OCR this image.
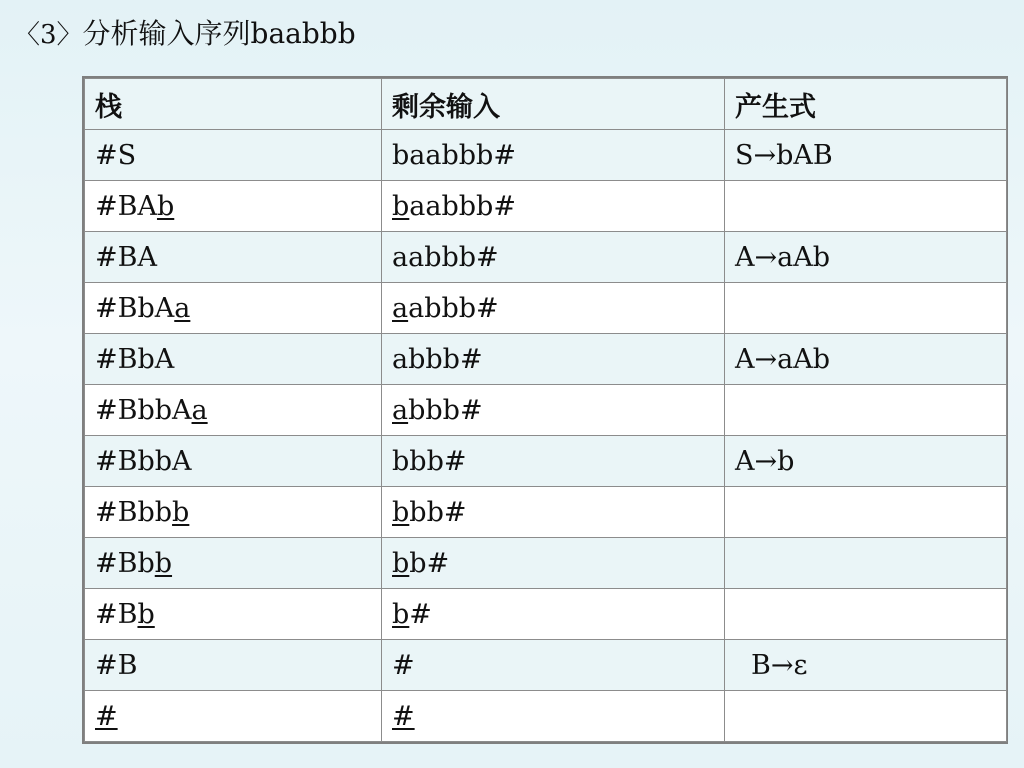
〈3〉分析输入序列baabbb
栈	剩余输入	产生式
#S	baabbb#	S→bAB
#BAb	baabbb#	
#BA	aabbb#	A→aAb
#BbAa	aabbb#	
#BbA	abbb#	A→aAb
#BbbAa	abbb#	
#BbbA	bbb#	A→b
#Bbbb	bbb#	
#Bbb	bb#	
#Bb	b#	
#B	#	B→ε
#	#	
